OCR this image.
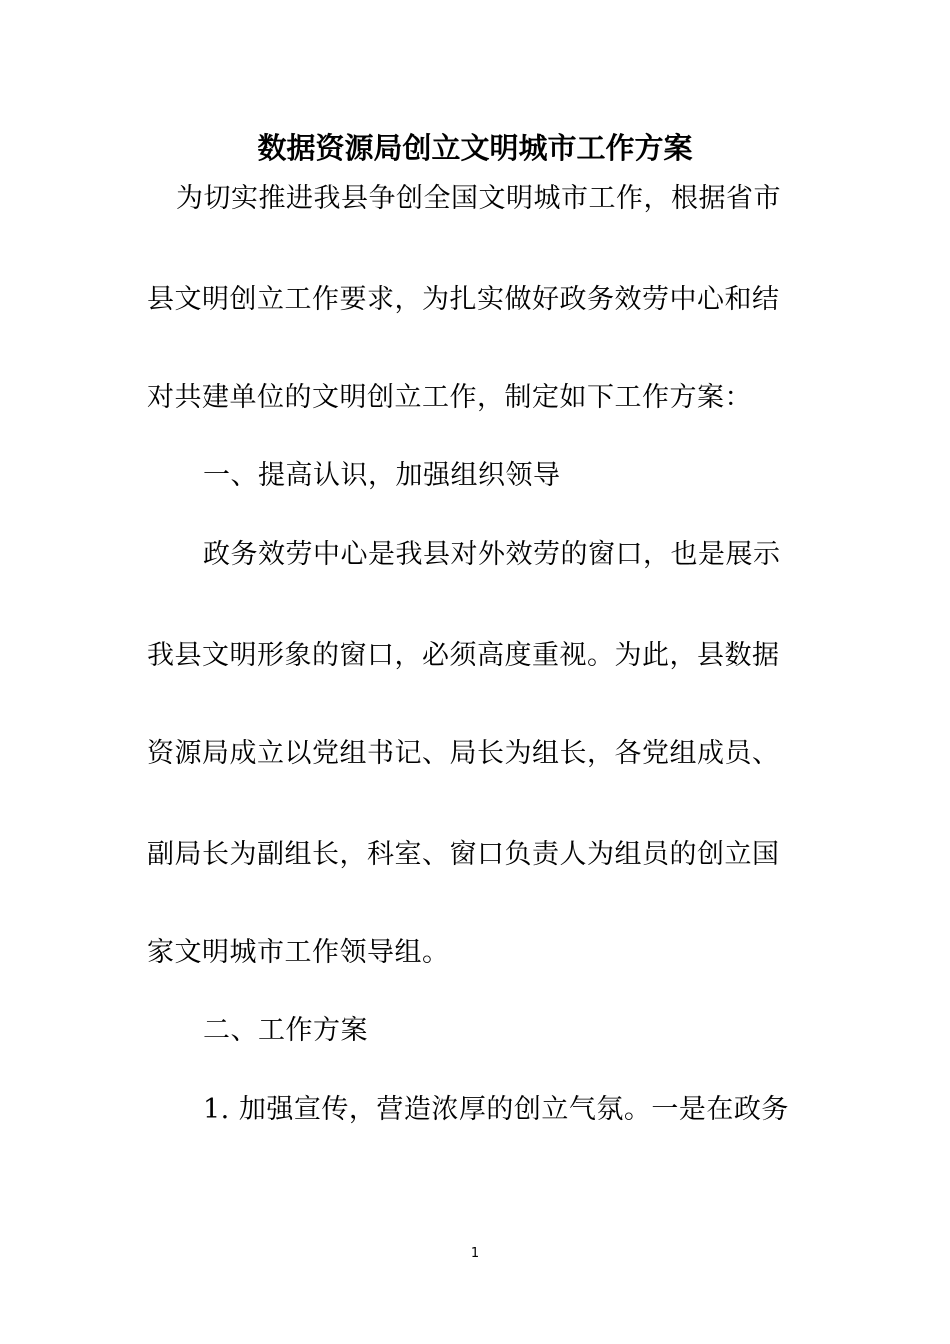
数据资源局创立文明城市工作方案
为切实推进我县争创全国文明城市工作，根据省市
县文明创立工作要求，为扎实做好政务效劳中心和结
对共建单位的文明创立工作，制定如下工作方案：
一、提高认识，加强组织领导
政务效劳中心是我县对外效劳的窗口，也是展示
我县文明形象的窗口，必须高度重视。为此，县数据
资源局成立以党组书记、局长为组长，各党组成员、
副局长为副组长，科室、窗口负责人为组员的创立国
家文明城市工作领导组。
二、工作方案
1. 加强宣传，营造浓厚的创立气氛。一是在政务
1
